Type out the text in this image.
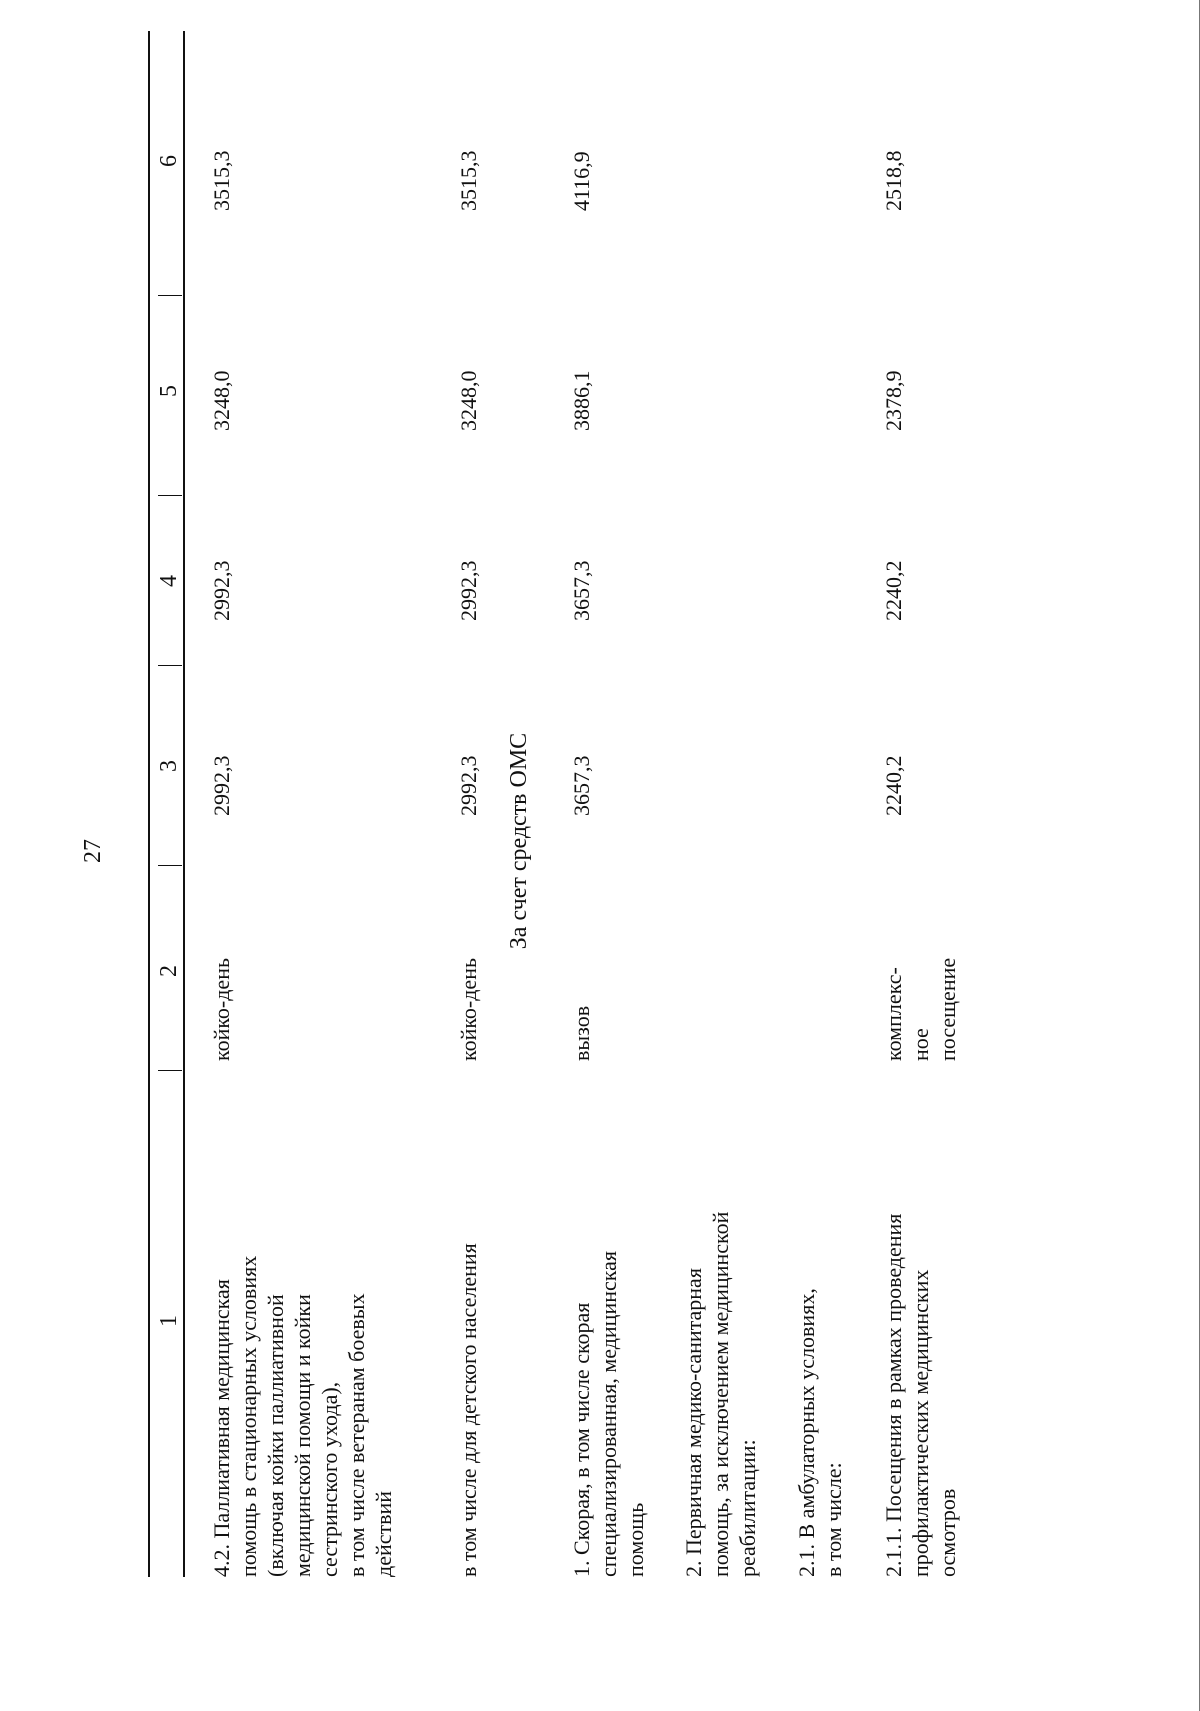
27
1
2
3
4
5
6
4.2. Паллиативная медицинская
помощь в стационарных условиях
(включая койки паллиативной
медицинской помощи и койки
сестринского ухода),
в том числе ветеранам боевых
действий
койко-день
2992,3
2992,3
3248,0
3515,3
в том числе для детского населения
койко-день
2992,3
2992,3
3248,0
3515,3
За счет средств ОМС
1. Скорая, в том числе скорая
специализированная, медицинская
помощь
вызов
3657,3
3657,3
3886,1
4116,9
2. Первичная медико-санитарная
помощь, за исключением медицинской
реабилитации: 2.1. В амбулаторных условиях,
в том числе:
2.1.1. Посещения в рамках проведения
профилактических медицинских
осмотров
комплекс-
ное
посещение
2240,2
2240,2
2378,9
2518,8
